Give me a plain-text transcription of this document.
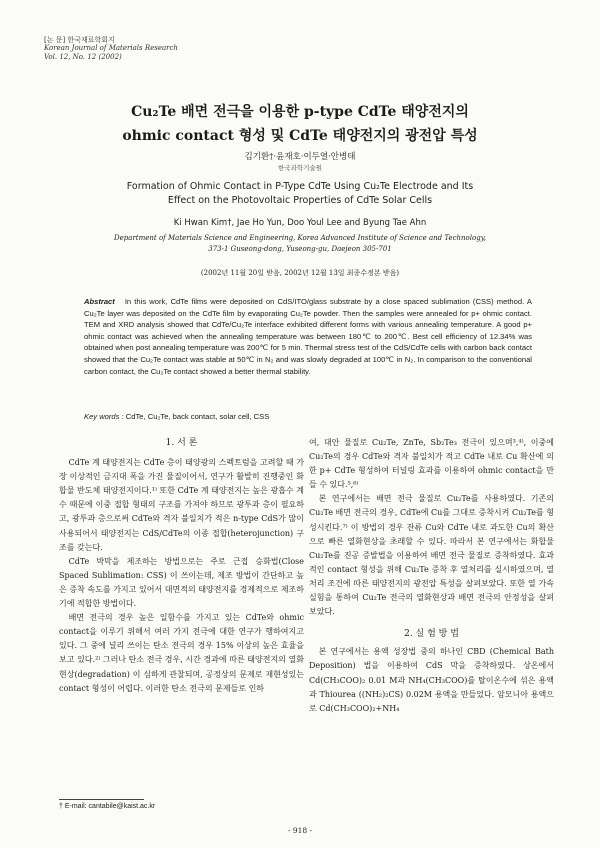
[논 문] 한국재료학회지
Korean Journal of Materials Research
Vol. 12, No. 12 (2002)
Cu₂Te 배면 전극을 이용한 p-type CdTe 태양전지의
ohmic contact 형성 및 CdTe 태양전지의 광전압 특성
김기환†·윤재호·이두열·안병태
한국과학기술원
Formation of Ohmic Contact in P-Type CdTe Using Cu₂Te Electrode and Its
Effect on the Photovoltaic Properties of CdTe Solar Cells
Ki Hwan Kim†, Jae Ho Yun, Doo Youl Lee and Byung Tae Ahn
Department of Materials Science and Engineering, Korea Advanced Institute of Science and Technology,
373-1 Guseong-dong, Yuseong-gu, Daejeon 305-701
(2002년 11월 20일 받음, 2002년 12월 13일 최종수정본 받음)
Abstract In this work, CdTe films were deposited on CdS/ITO/glass substrate by a close spaced sublimation (CSS) method. A Cu₂Te layer was deposited on the CdTe film by evaporating Cu₂Te powder. Then the samples were annealed for p+ ohmic contact. TEM and XRD analysis showed that CdTe/Cu₂Te interface exhibited different forms with various annealing temperature. A good p+ ohmic contact was achieved when the annealing temperature was between 180℃ to 200℃. Best cell efficiency of 12.34% was obtained when post annealing temperature was 200℃ for 5 min. Thermal stress test of the CdS/CdTe cells with carbon back contact showed that the Cu₂Te contact was stable at 50℃ in N₂ and was slowly degraded at 100℃ in N₂. In comparison to the conventional carbon contact, the Cu₂Te contact showed a better thermal stability.
Key words : CdTe, Cu₂Te, back contact, solar cell, CSS
1. 서 론

CdTe 계 태양전지는 CdTe 층이 태양광의 스펙트럼을 고려할 때 가장 이상적인 금지대 폭을 가진 물질이어서, 연구가 활발히 진행중인 화합물 반도체 태양전지이다.¹⁾ 또한 CdTe 계 태양전지는 높은 광흡수 계수 때문에 이중 접합 형태의 구조를 가져야 하므로 광투과 층이 필요하고, 광투과 층으로써 CdTe와 격자 불일치가 적은 n-type CdS가 많이 사용되어서 태양전지는 CdS/CdTe의 이종 접합(heterojunction) 구조를 갖는다.

CdTe 박막을 제조하는 방법으로는 주로 근접 승화법(Close Spaced Sublimation: CSS) 이 쓰이는데, 제조 방법이 간단하고 높은 증착 속도를 가지고 있어서 대면적의 태양전지를 경제적으로 제조하기에 적합한 방법이다.

배면 전극의 경우 높은 일함수를 가지고 있는 CdTe와 ohmic contact을 이루기 위해서 여러 가지 전극에 대한 연구가 행하여지고 있다. 그 중에 널리 쓰이는 탄소 전극의 경우 15% 이상의 높은 효율을 보고 있다.²⁾ 그러나 탄소 전극 경우, 시간 경과에 따른 태양전지의 열화 현상(degradation) 이 심하게 관찰되며, 공정상의 문제로 재현성있는 contact 형성이 어렵다. 이러한 탄소 전극의 문제들로 인하

여, 대안 물질로 Cu₂Te, ZnTe, Sb₂Te₃ 전극이 있으며³,⁴⁾, 이중에 Cu₂Te의 경우 CdTe와 격자 불일치가 적고 CdTe 내로 Cu 확산에 의한 p+ CdTe 형성하여 터널링 효과를 이용하여 ohmic contact을 만들 수 있다.⁵,⁶⁾

본 연구에서는 배면 전극 물질로 Cu₂Te를 사용하였다. 기존의 Cu₂Te 배면 전극의 경우, CdTe에 Cu를 그대로 증착시켜 Cu₂Te를 형성시킨다.⁷⁾ 이 방법의 경우 잔류 Cu와 CdTe 내로 과도한 Cu의 확산으로 빠른 열화현상을 초래할 수 있다. 따라서 본 연구에서는 화합물 Cu₂Te를 진공 증발법을 이용하여 배면 전극 물질로 증착하였다. 효과적인 contact 형성을 위해 Cu₂Te 증착 후 열처리를 실시하였으며, 열처리 조건에 따른 태양전지의 광전압 특성을 살펴보았다. 또한 열 가속 실험을 통하여 Cu₂Te 전극의 열화현상과 배면 전극의 안정성을 살펴보았다.

2. 실 험 방 법

본 연구에서는 용액 성장법 중의 하나인 CBD (Chemical Bath Deposition) 법을 이용하여 CdS 막을 증착하였다. 상온에서 Cd(CH₃COO)₂ 0.01 M과 NH₄(CH₃COO)를 탈이온수에 섞은 용액과 Thiourea ((NH₂)₂CS) 0.02M 용액을 만들었다. 암모니아 용액으로 Cd(CH₃COO)₂+NH₄

† E-mail: cantabile@kaist.ac.kr
- 918 -
